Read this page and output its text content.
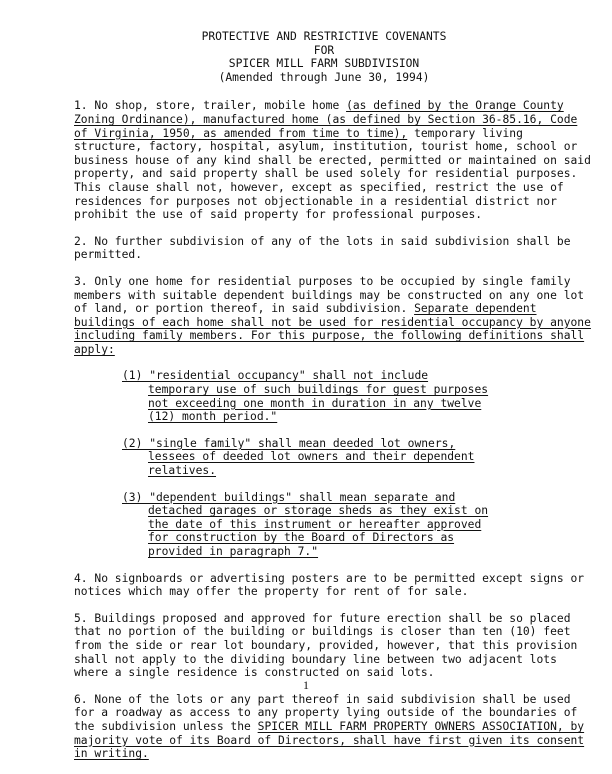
PROTECTIVE AND RESTRICTIVE COVENANTS
FOR
SPICER MILL FARM SUBDIVISION
(Amended through June 30, 1994)

1. No shop, store, trailer, mobile home (as defined by the Orange County Zoning Ordinance), manufactured home (as defined by Section 36-85.16, Code of Virginia, 1950, as amended from time to time), temporary living structure, factory, hospital, asylum, institution, tourist home, school or business house of any kind shall be erected, permitted or maintained on said property, and said property shall be used solely for residential purposes. This clause shall not, however, except as specified, restrict the use of residences for purposes not objectionable in a residential district nor prohibit the use of said property for professional purposes.

2. No further subdivision of any of the lots in said subdivision shall be permitted.

3. Only one home for residential purposes to be occupied by single family members with suitable dependent buildings may be constructed on any one lot of land, or portion thereof, in said subdivision. Separate dependent buildings of each home shall not be used for residential occupancy by anyone including family members. For this purpose, the following definitions shall apply:

(1) "residential occupancy" shall not include temporary use of such buildings for guest purposes not exceeding one month in duration in any twelve (12) month period."
(2) "single family" shall mean deeded lot owners, lessees of deeded lot owners and their dependent relatives.
(3) "dependent buildings" shall mean separate and detached garages or storage sheds as they exist on the date of this instrument or hereafter approved for construction by the Board of Directors as provided in paragraph 7."

4. No signboards or advertising posters are to be permitted except signs or notices which may offer the property for rent of for sale.

5. Buildings proposed and approved for future erection shall be so placed that no portion of the building or buildings is closer than ten (10) feet from the side or rear lot boundary, provided, however, that this provision shall not apply to the dividing boundary line between two adjacent lots where a single residence is constructed on said lots.

6. None of the lots or any part thereof in said subdivision shall be used for a roadway as access to any property lying outside of the boundaries of the subdivision unless the SPICER MILL FARM PROPERTY OWNERS ASSOCIATION, by majority vote of its Board of Directors, shall have first given its consent in writing.

1
